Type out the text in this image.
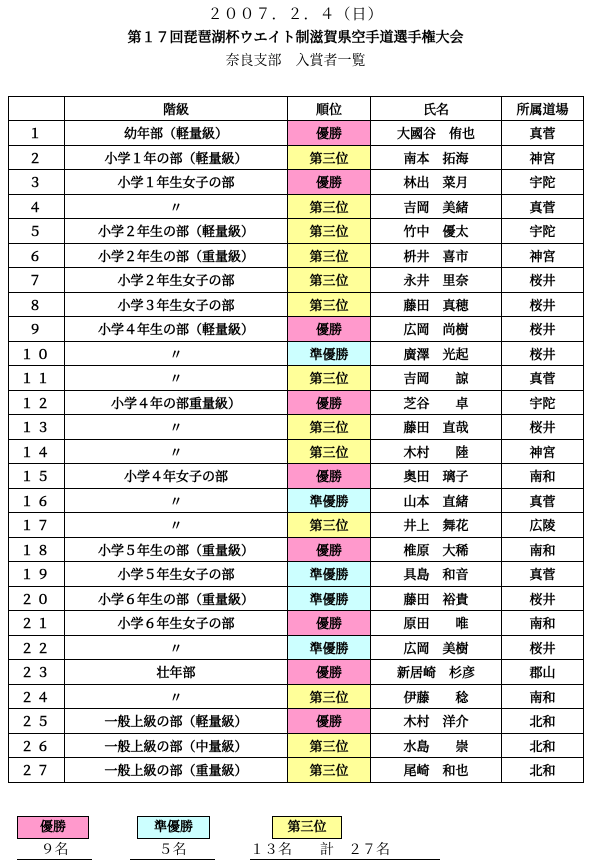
２００７．２．４（日）
第１７回琵琶湖杯ウエイト制滋賀県空手道選手権大会
奈良支部　入賞者一覧
	階級	順位	氏名	所属道場
１	幼年部（軽量級）	優勝	大國谷　侑也	真菅
２	小学１年の部（軽量級）	第三位	南本　拓海	神宮
３	小学１年生女子の部	優勝	林出　菜月	宇陀
４	〃	第三位	吉岡　美緒	真菅
５	小学２年生の部（軽量級）	第三位	竹中　優太	宇陀
６	小学２年生の部（重量級）	第三位	枡井　喜市	神宮
７	小学２年生女子の部	第三位	永井　里奈	桜井
８	小学３年生女子の部	第三位	藤田　真穂	桜井
９	小学４年生の部（軽量級）	優勝	広岡　尚樹	桜井
１０	〃	準優勝	廣澤　光起	桜井
１１	〃	第三位	吉岡　　諒	真菅
１２	小学４年の部重量級）	優勝	芝谷　　卓	宇陀
１３	〃	第三位	藤田　直哉	桜井
１４	〃	第三位	木村　　陸	神宮
１５	小学４年女子の部	優勝	奥田　璃子	南和
１６	〃	準優勝	山本　直緒	真菅
１７	〃	第三位	井上　舞花	広陵
１８	小学５年生の部（重量級）	優勝	椎原　大稀	南和
１９	小学５年生女子の部	準優勝	具島　和音	真菅
２０	小学６年生の部（重量級）	準優勝	藤田　裕貴	桜井
２１	小学６年生女子の部	優勝	原田　　唯	南和
２２	〃	準優勝	広岡　美樹	桜井
２３	壮年部	優勝	新居崎　杉彦	郡山
２４	〃	第三位	伊藤　　稔	南和
２５	一般上級の部（軽量級）	優勝	木村　洋介	北和
２６	一般上級の部（中量級）	第三位	水島　　崇	北和
２７	一般上級の部（重量級）	第三位	尾崎　和也	北和
優勝	準優勝	第三位
９名	５名	１３名　　計　２７名
